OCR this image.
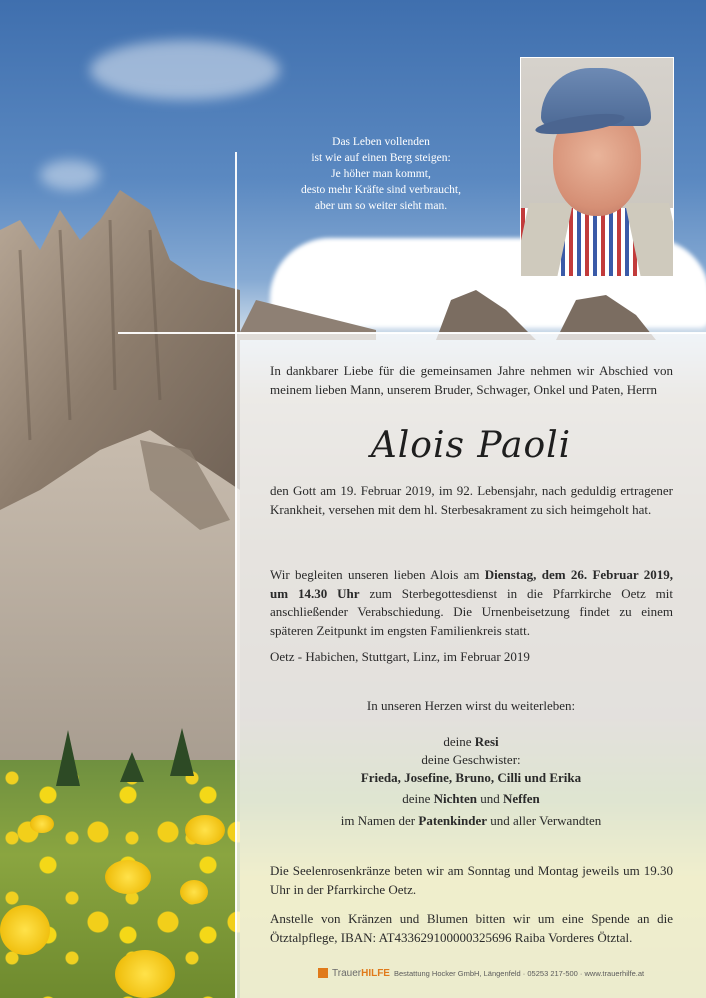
Das Leben vollenden
ist wie auf einen Berg steigen:
Je höher man kommt,
desto mehr Kräfte sind verbraucht,
aber um so weiter sieht man.
In dankbarer Liebe für die gemeinsamen Jahre nehmen wir Abschied von meinem lieben Mann, unserem Bruder, Schwager, Onkel und Paten, Herrn
Alois Paoli
den Gott am 19. Februar 2019, im 92. Lebensjahr, nach geduldig ertragener Krankheit, versehen mit dem hl. Sterbesakrament zu sich heimgeholt hat.
Wir begleiten unseren lieben Alois am Dienstag, dem 26. Februar 2019, um 14.30 Uhr zum Sterbegottesdienst in die Pfarrkirche Oetz mit anschließender Verabschiedung. Die Urnenbeisetzung findet zu einem späteren Zeitpunkt im engsten Familienkreis statt.
Oetz - Habichen, Stuttgart, Linz, im Februar 2019
In unseren Herzen wirst du weiterleben:
deine Resi
deine Geschwister:
Frieda, Josefine, Bruno, Cilli und Erika
deine Nichten und Neffen
im Namen der Patenkinder und aller Verwandten
Die Seelenrosenkränze beten wir am Sonntag und Montag jeweils um 19.30 Uhr in der Pfarrkirche Oetz.
Anstelle von Kränzen und Blumen bitten wir um eine Spende an die Ötztalpflege, IBAN: AT433629100000325696 Raiba Vorderes Ötztal.
TrauerHILFE Bestattung Hocker GmbH, Längenfeld · 05253 217-500 · www.trauerhilfe.at
